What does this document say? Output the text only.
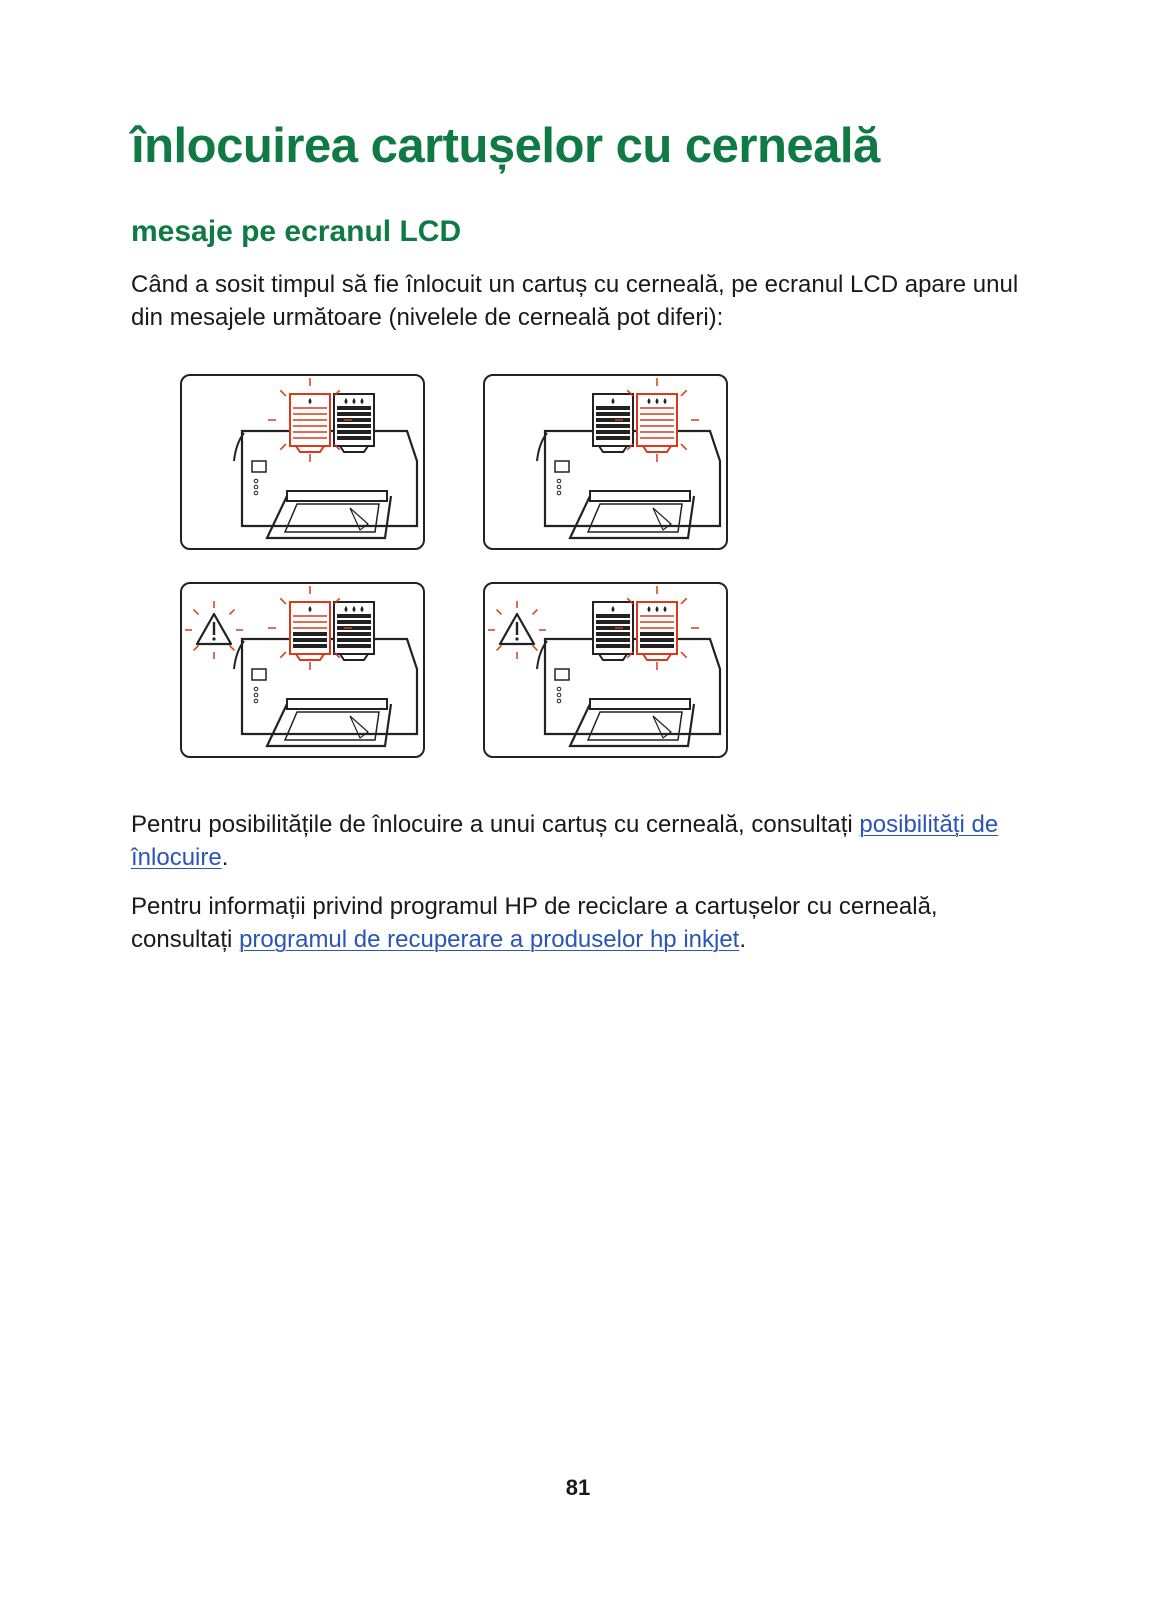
înlocuirea cartușelor cu cerneală
mesaje pe ecranul LCD

Când a sosit timpul să fie înlocuit un cartuș cu cerneală, pe ecranul LCD apare unul din mesajele următoare (nivelele de cerneală pot diferi):

Pentru posibilitățile de înlocuire a unui cartuș cu cerneală, consultați posibilități de înlocuire.

Pentru informații privind programul HP de reciclare a cartușelor cu cerneală, consultați programul de recuperare a produselor hp inkjet.

81
